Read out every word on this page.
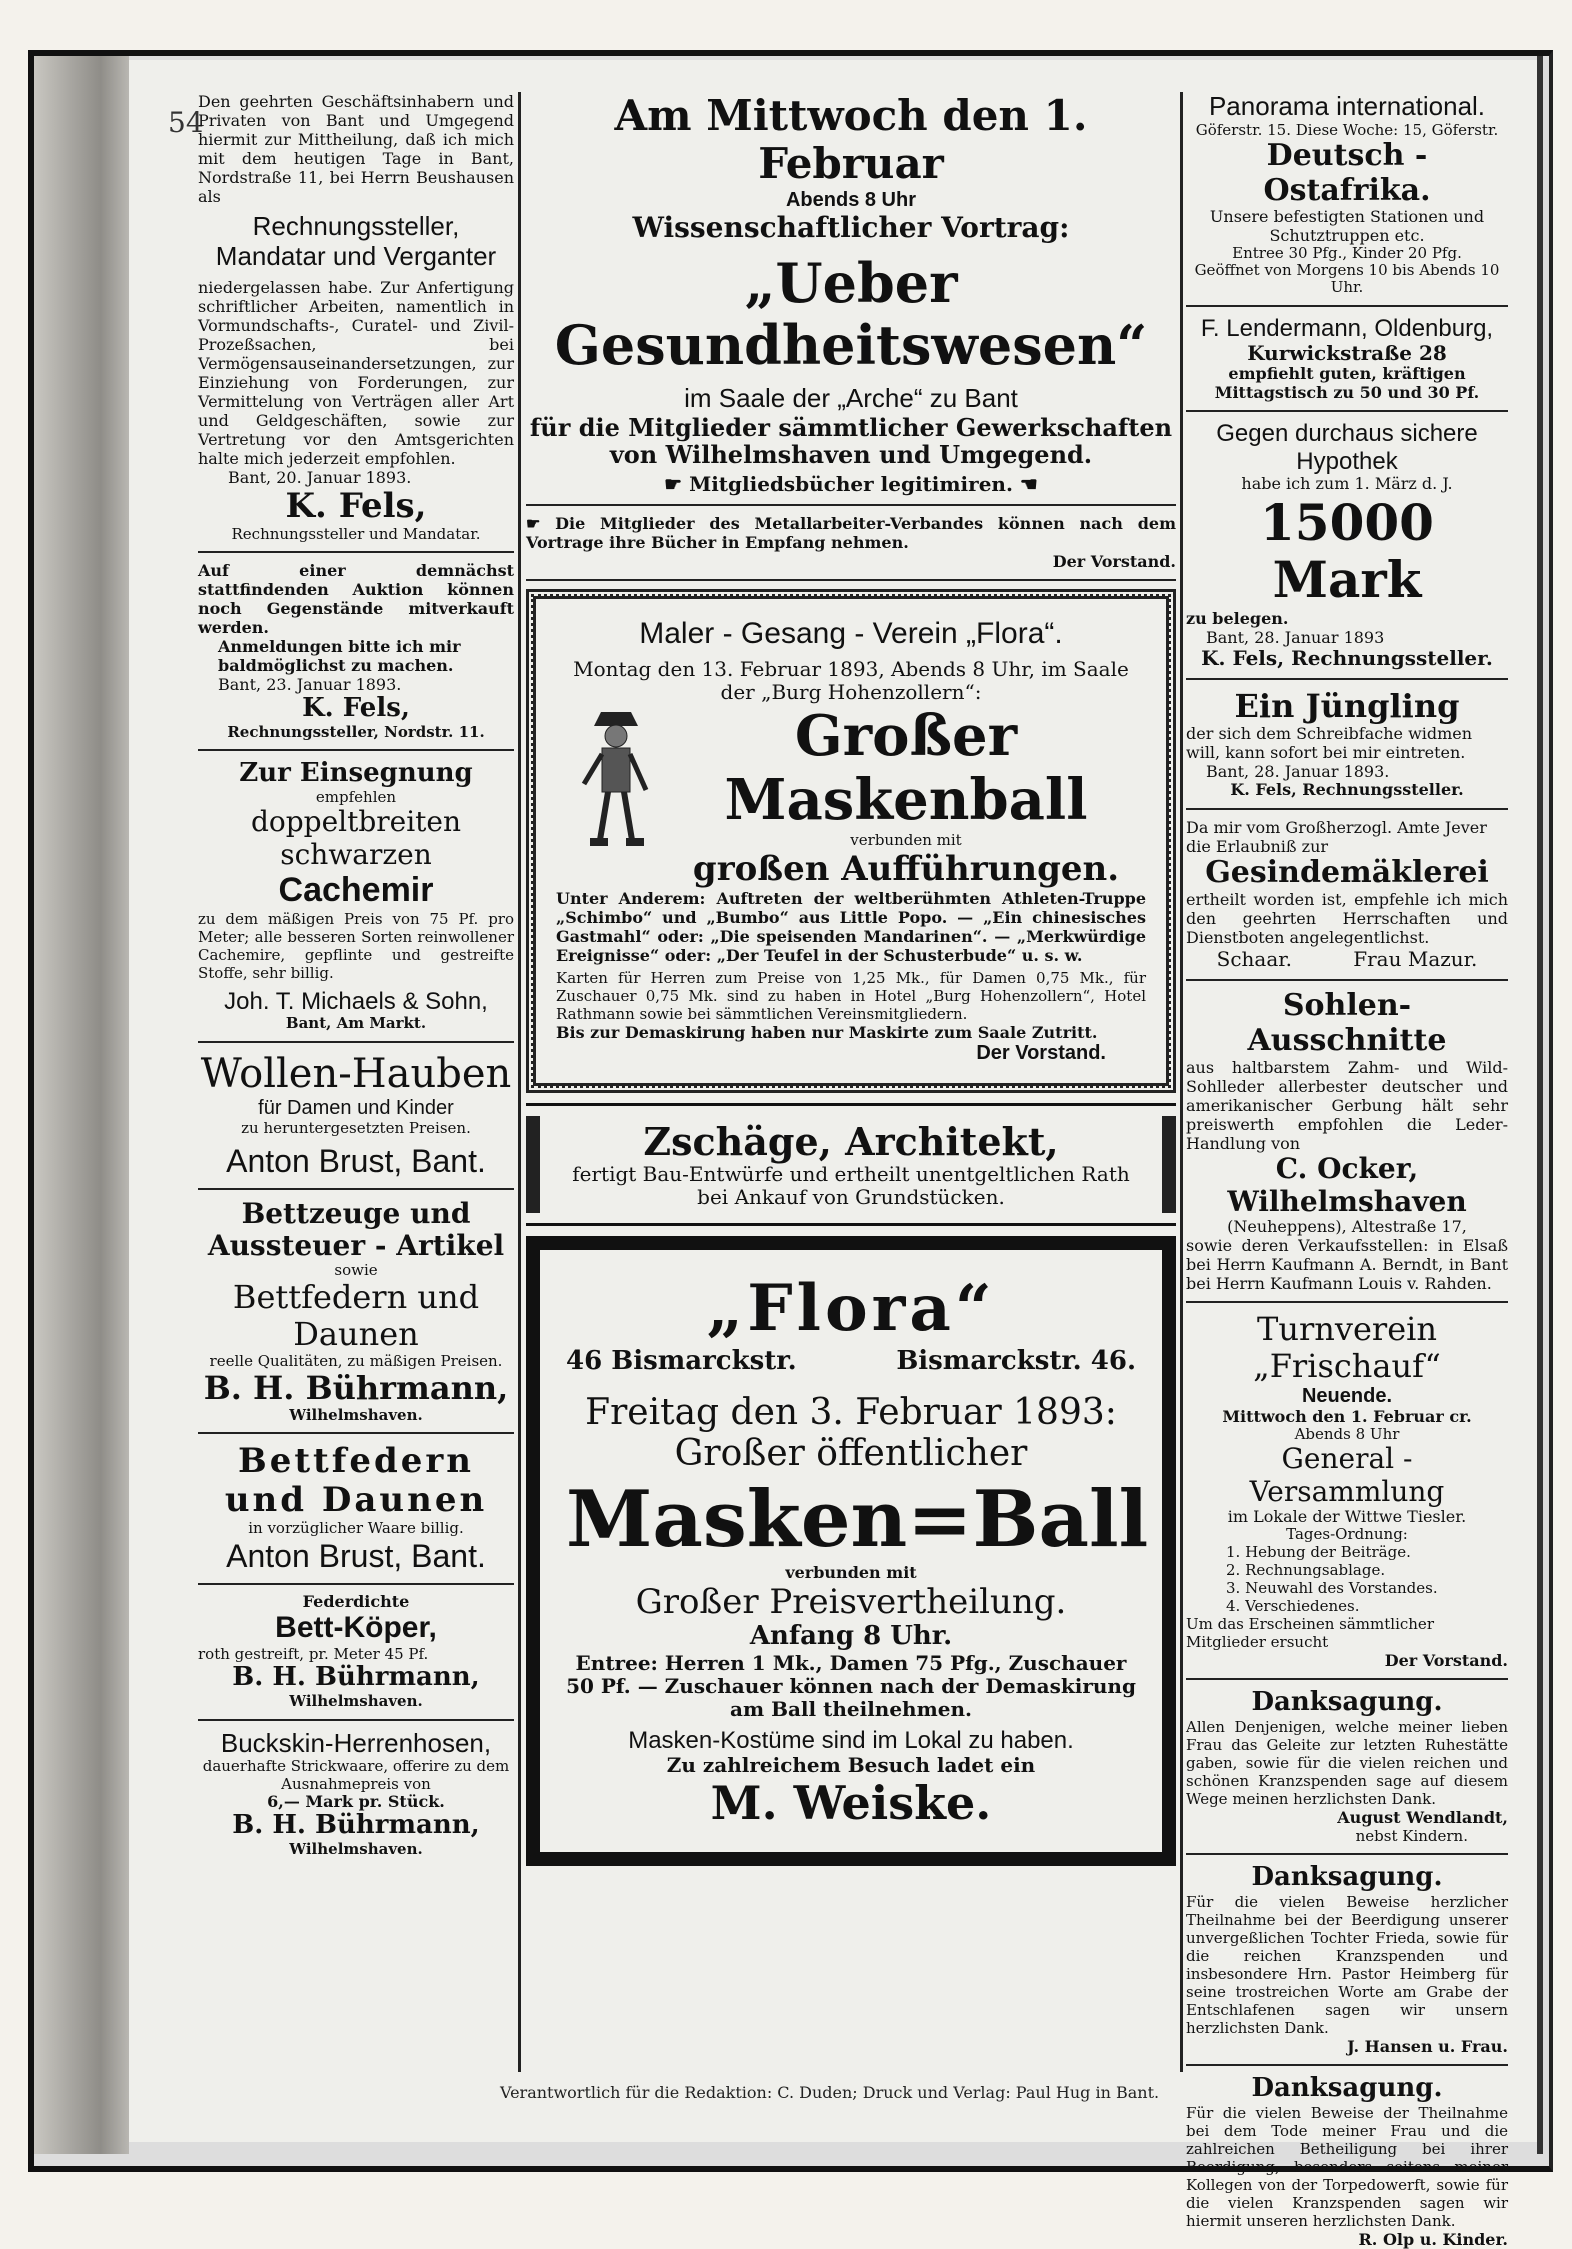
54

Den geehrten Geschäftsinhabern und Privaten von Bant und Umgegend hiermit zur Mittheilung, daß ich mich mit dem heutigen Tage in Bant, Nordstraße 11, bei Herrn Beushausen als

Rechnungssteller, Mandatar und Verganter

niedergelassen habe. Zur Anfertigung schriftlicher Arbeiten, namentlich in Vormundschafts-, Curatel- und Zivil-Prozeßsachen, bei Vermögensauseinandersetzungen, zur Einziehung von Forderungen, zur Vermittelung von Verträgen aller Art und Geldgeschäften, sowie zur Vertretung vor den Amtsgerichten halte mich jederzeit empfohlen.

Bant, 20. Januar 1893.

K. Fels,

Rechnungssteller und Mandatar.

Auf einer demnächst stattfindenden Auktion können noch Gegenstände mitverkauft werden.

Anmeldungen bitte ich mir baldmöglichst zu machen.

Bant, 23. Januar 1893.

K. Fels,

Rechnungssteller, Nordstr. 11.

Zur Einsegnung

empfehlen

doppeltbreiten schwarzen

Cachemir

zu dem mäßigen Preis von 75 Pf. pro Meter; alle besseren Sorten reinwollener Cachemire, gepflinte und gestreifte Stoffe, sehr billig.

Joh. T. Michaels & Sohn,

Bant, Am Markt.

Wollen-Hauben

für Damen und Kinder

zu heruntergesetzten Preisen.

Anton Brust, Bant.

Bettzeuge und Aussteuer - Artikel

sowie

Bettfedern und Daunen

reelle Qualitäten, zu mäßigen Preisen.

B. H. Bührmann,

Wilhelmshaven.

Bettfedern und Daunen

in vorzüglicher Waare billig.

Anton Brust, Bant.

Federdichte

Bett-Köper,

roth gestreift, pr. Meter 45 Pf.

B. H. Bührmann,

Wilhelmshaven.

Buckskin-Herrenhosen,

dauerhafte Strickwaare, offerire zu dem Ausnahmepreis von

6,— Mark pr. Stück.

B. H. Bührmann,

Wilhelmshaven.

Am Mittwoch den 1. Februar

Abends 8 Uhr

Wissenschaftlicher Vortrag:

„Ueber Gesundheitswesen“

im Saale der „Arche“ zu Bant

für die Mitglieder sämmtlicher Gewerkschaften von Wilhelmshaven und Umgegend.

☛ Mitgliedsbücher legitimiren. ☚

☛ Die Mitglieder des Metallarbeiter-Verbandes können nach dem Vortrage ihre Bücher in Empfang nehmen.

Der Vorstand.

Maler - Gesang - Verein „Flora“.

Montag den 13. Februar 1893, Abends 8 Uhr, im Saale der „Burg Hohenzollern“:

Großer Maskenball

verbunden mit

großen Aufführungen.

Unter Anderem: Auftreten der weltberühmten Athleten-Truppe „Schimbo“ und „Bumbo“ aus Little Popo. — „Ein chinesisches Gastmahl“ oder: „Die speisenden Mandarinen“. — „Merkwürdige Ereignisse“ oder: „Der Teufel in der Schusterbude“ u. s. w.

Karten für Herren zum Preise von 1,25 Mk., für Damen 0,75 Mk., für Zuschauer 0,75 Mk. sind zu haben in Hotel „Burg Hohenzollern“, Hotel Rathmann sowie bei sämmtlichen Vereinsmitgliedern.

Bis zur Demaskirung haben nur Maskirte zum Saale Zutritt.

Der Vorstand.

Zschäge, Architekt,

fertigt Bau-Entwürfe und ertheilt unentgeltlichen Rath bei Ankauf von Grundstücken.

„Flora“

46 Bismarckstr.	Bismarckstr. 46.

Freitag den 3. Februar 1893:

Großer öffentlicher

Masken=Ball

verbunden mit

Großer Preisvertheilung.

Anfang 8 Uhr.

Entree: Herren 1 Mk., Damen 75 Pfg., Zuschauer 50 Pf. — Zuschauer können nach der Demaskirung am Ball theilnehmen.

Masken-Kostüme sind im Lokal zu haben.

Zu zahlreichem Besuch ladet ein

M. Weiske.

Panorama international.

Göferstr. 15. Diese Woche: 15, Göferstr.

Deutsch - Ostafrika.

Unsere befestigten Stationen und Schutztruppen etc.

Entree 30 Pfg., Kinder 20 Pfg.

Geöffnet von Morgens 10 bis Abends 10 Uhr.

F. Lendermann, Oldenburg,

Kurwickstraße 28

empfiehlt guten, kräftigen Mittagstisch zu 50 und 30 Pf.

Gegen durchaus sichere Hypothek

habe ich zum 1. März d. J.

15000 Mark

zu belegen.

Bant, 28. Januar 1893

K. Fels, Rechnungssteller.

Ein Jüngling

der sich dem Schreibfache widmen will, kann sofort bei mir eintreten.

Bant, 28. Januar 1893.

K. Fels, Rechnungssteller.

Da mir vom Großherzogl. Amte Jever die Erlaubniß zur

Gesindemäklerei

ertheilt worden ist, empfehle ich mich den geehrten Herrschaften und Dienstboten angelegentlichst.

Schaar.	Frau Mazur.

Sohlen-Ausschnitte

aus haltbarstem Zahm- und Wild-Sohlleder allerbester deutscher und amerikanischer Gerbung hält sehr preiswerth empfohlen die Leder-Handlung von

C. Ocker, Wilhelmshaven

(Neuheppens), Altestraße 17,

sowie deren Verkaufsstellen: in Elsaß bei Herrn Kaufmann A. Berndt, in Bant bei Herrn Kaufmann Louis v. Rahden.

Turnverein „Frischauf“

Neuende.

Mittwoch den 1. Februar cr.

Abends 8 Uhr

General - Versammlung

im Lokale der Wittwe Tiesler.

Tages-Ordnung:

1. Hebung der Beiträge.

2. Rechnungsablage.

3. Neuwahl des Vorstandes.

4. Verschiedenes.

Um das Erscheinen sämmtlicher Mitglieder ersucht

Der Vorstand.

Danksagung.

Allen Denjenigen, welche meiner lieben Frau das Geleite zur letzten Ruhestätte gaben, sowie für die vielen reichen und schönen Kranzspenden sage auf diesem Wege meinen herzlichsten Dank.

August Wendlandt,

nebst Kindern.

Danksagung.

Für die vielen Beweise herzlicher Theilnahme bei der Beerdigung unserer unvergeßlichen Tochter Frieda, sowie für die reichen Kranzspenden und insbesondere Hrn. Pastor Heimberg für seine trostreichen Worte am Grabe der Entschlafenen sagen wir unsern herzlichsten Dank.

J. Hansen u. Frau.

Danksagung.

Für die vielen Beweise der Theilnahme bei dem Tode meiner Frau und die zahlreichen Betheiligung bei ihrer Beerdigung, besonders seitens meiner Kollegen von der Torpedowerft, sowie für die vielen Kranzspenden sagen wir hiermit unseren herzlichsten Dank.

R. Olp u. Kinder.

Verantwortlich für die Redaktion: C. Duden; Druck und Verlag: Paul Hug in Bant.
